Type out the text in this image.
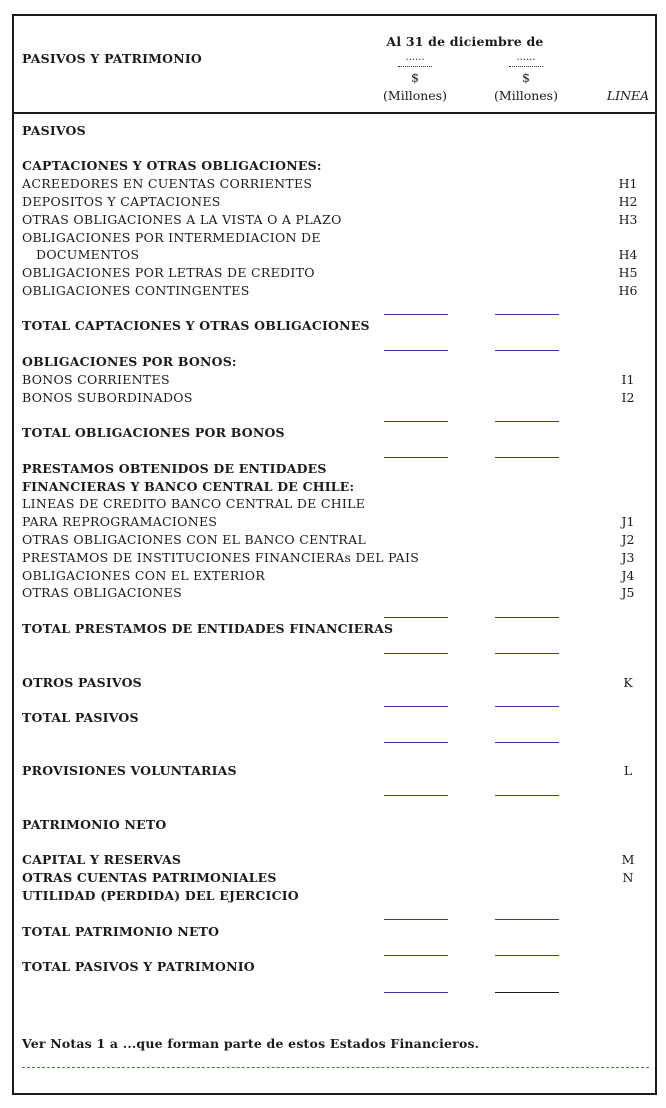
PASIVOS Y PATRIMONIO
Al 31 de diciembre de
......
$
(Millones)
......
$
(Millones)	LINEA
PASIVOS
CAPTACIONES Y OTRAS OBLIGACIONES:
ACREEDORES EN CUENTAS CORRIENTES	H1
DEPOSITOS Y CAPTACIONES	H2
OTRAS OBLIGACIONES A LA VISTA O A PLAZO	H3
OBLIGACIONES POR INTERMEDIACION DE
DOCUMENTOS	H4
OBLIGACIONES POR LETRAS DE CREDITO	H5
OBLIGACIONES CONTINGENTES	H6
TOTAL CAPTACIONES Y OTRAS OBLIGACIONES
OBLIGACIONES POR BONOS:
BONOS CORRIENTES	I1
BONOS SUBORDINADOS	I2
TOTAL OBLIGACIONES POR BONOS
PRESTAMOS OBTENIDOS DE ENTIDADES
FINANCIERAS Y BANCO CENTRAL DE CHILE:
LINEAS DE CREDITO BANCO CENTRAL DE CHILE
PARA REPROGRAMACIONES	J1
OTRAS OBLIGACIONES CON EL BANCO CENTRAL	J2
PRESTAMOS DE INSTITUCIONES FINANCIERAs DEL PAIS	J3
OBLIGACIONES CON EL EXTERIOR	J4
OTRAS OBLIGACIONES	J5
TOTAL PRESTAMOS DE ENTIDADES FINANCIERAS
OTROS PASIVOS	K
TOTAL PASIVOS
PROVISIONES VOLUNTARIAS	L
PATRIMONIO NETO
CAPITAL Y RESERVAS	M
OTRAS CUENTAS PATRIMONIALES	N
UTILIDAD (PERDIDA) DEL EJERCICIO
TOTAL PATRIMONIO NETO
TOTAL PASIVOS Y PATRIMONIO
Ver Notas 1 a ...que forman parte de estos Estados Financieros.
